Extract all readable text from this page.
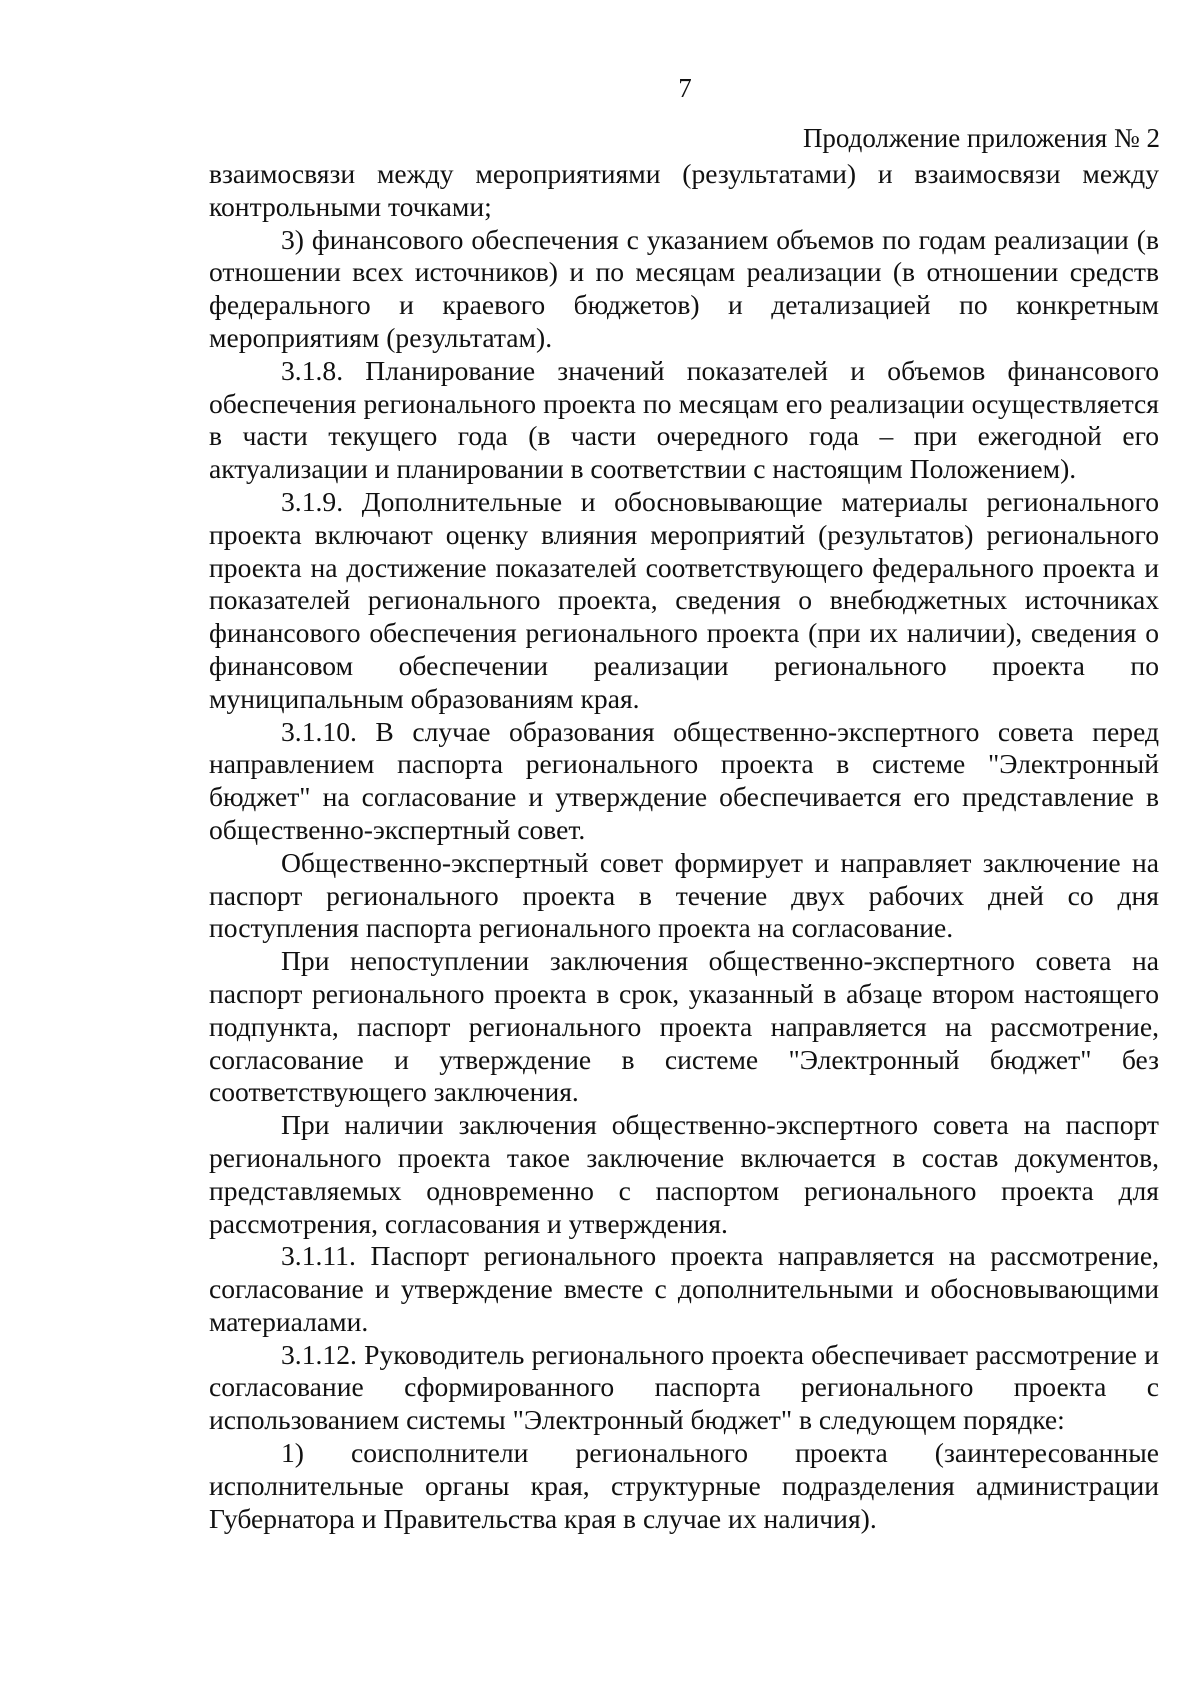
7
Продолжение приложения № 2

взаимосвязи между мероприятиями (результатами) и взаимосвязи между контрольными точками;

3) финансового обеспечения с указанием объемов по годам реализации (в отношении всех источников) и по месяцам реализации (в отношении средств федерального и краевого бюджетов) и детализацией по конкретным мероприятиям (результатам).

3.1.8. Планирование значений показателей и объемов финансового обеспечения регионального проекта по месяцам его реализации осуществляется в части текущего года (в части очередного года – при ежегодной его актуализации и планировании в соответствии с настоящим Положением).

3.1.9. Дополнительные и обосновывающие материалы регионального проекта включают оценку влияния мероприятий (результатов) регионального проекта на достижение показателей соответствующего федерального проекта и показателей регионального проекта, сведения о внебюджетных источниках финансового обеспечения регионального проекта (при их наличии), сведения о финансовом обеспечении реализации регионального проекта по муниципальным образованиям края.

3.1.10. В случае образования общественно-экспертного совета перед направлением паспорта регионального проекта в системе "Электронный бюджет" на согласование и утверждение обеспечивается его представление в общественно-экспертный совет.

Общественно-экспертный совет формирует и направляет заключение на паспорт регионального проекта в течение двух рабочих дней со дня поступления паспорта регионального проекта на согласование.

При непоступлении заключения общественно-экспертного совета на паспорт регионального проекта в срок, указанный в абзаце втором настоящего подпункта, паспорт регионального проекта направляется на рассмотрение, согласование и утверждение в системе "Электронный бюджет" без соответствующего заключения.

При наличии заключения общественно-экспертного совета на паспорт регионального проекта такое заключение включается в состав документов, представляемых одновременно с паспортом регионального проекта для рассмотрения, согласования и утверждения.

3.1.11. Паспорт регионального проекта направляется на рассмотрение, согласование и утверждение вместе с дополнительными и обосновывающими материалами.

3.1.12. Руководитель регионального проекта обеспечивает рассмотрение и согласование сформированного паспорта регионального проекта с использованием системы "Электронный бюджет" в следующем порядке:

1) соисполнители регионального проекта (заинтересованные исполнительные органы края, структурные подразделения администрации Губернатора и Правительства края в случае их наличия).
